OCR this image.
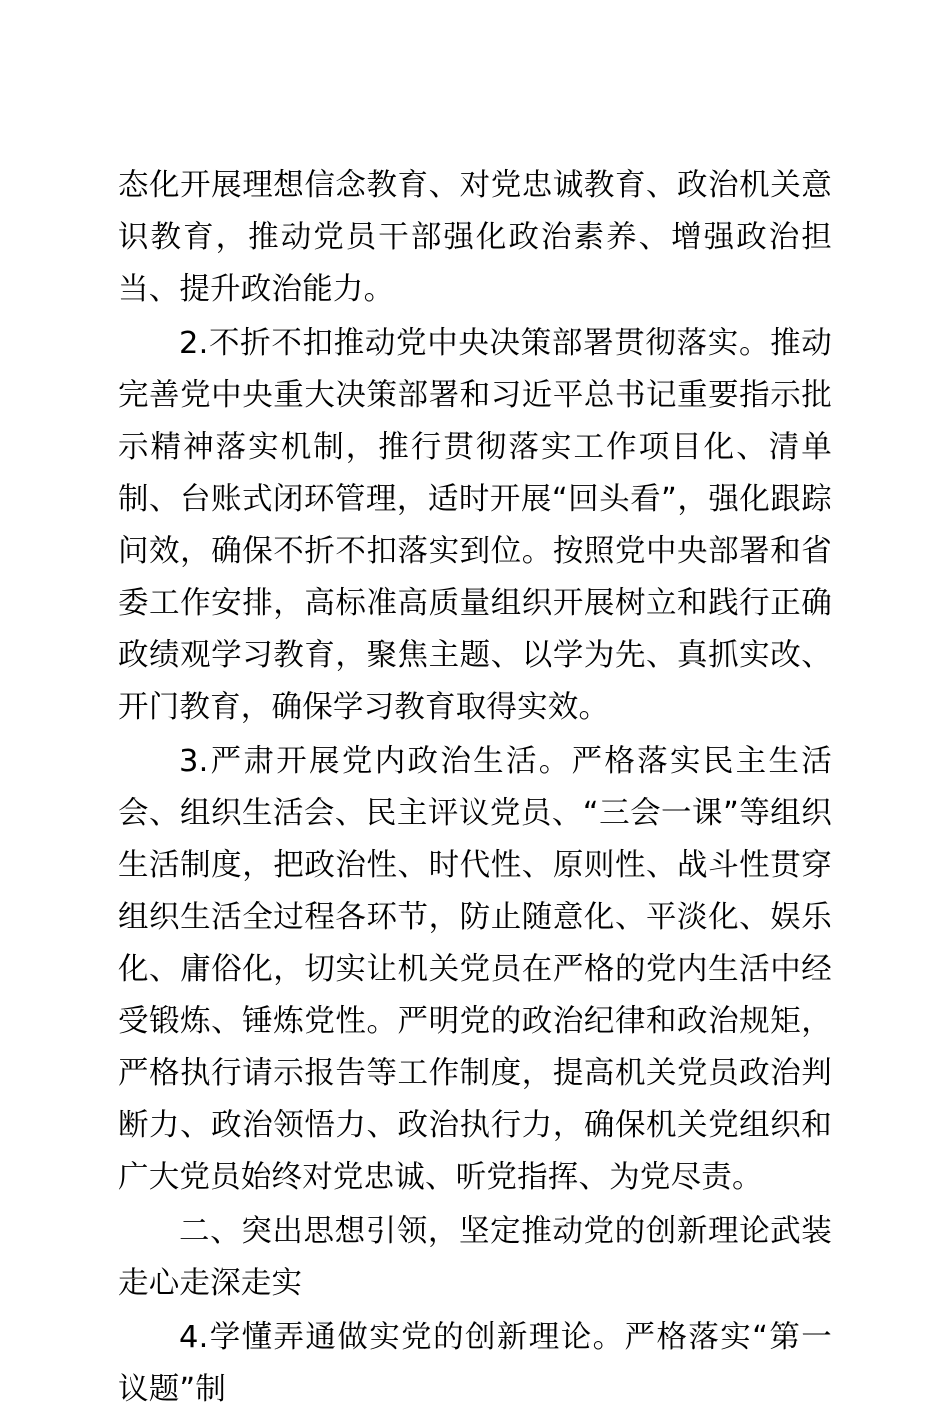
态化开展理想信念教育、对党忠诚教育、政治机关意识教育，推动党员干部强化政治素养、增强政治担当、提升政治能力。

2.不折不扣推动党中央决策部署贯彻落实。推动完善党中央重大决策部署和习近平总书记重要指示批示精神落实机制，推行贯彻落实工作项目化、清单制、台账式闭环管理，适时开展“回头看”，强化跟踪问效，确保不折不扣落实到位。按照党中央部署和省委工作安排，高标准高质量组织开展树立和践行正确政绩观学习教育，聚焦主题、以学为先、真抓实改、开门教育，确保学习教育取得实效。

3.严肃开展党内政治生活。严格落实民主生活会、组织生活会、民主评议党员、“三会一课”等组织生活制度，把政治性、时代性、原则性、战斗性贯穿组织生活全过程各环节，防止随意化、平淡化、娱乐化、庸俗化，切实让机关党员在严格的党内生活中经受锻炼、锤炼党性。严明党的政治纪律和政治规矩，严格执行请示报告等工作制度，提高机关党员政治判断力、政治领悟力、政治执行力，确保机关党组织和广大党员始终对党忠诚、听党指挥、为党尽责。

二、突出思想引领，坚定推动党的创新理论武装走心走深走实

4.学懂弄通做实党的创新理论。严格落实“第一议题”制
